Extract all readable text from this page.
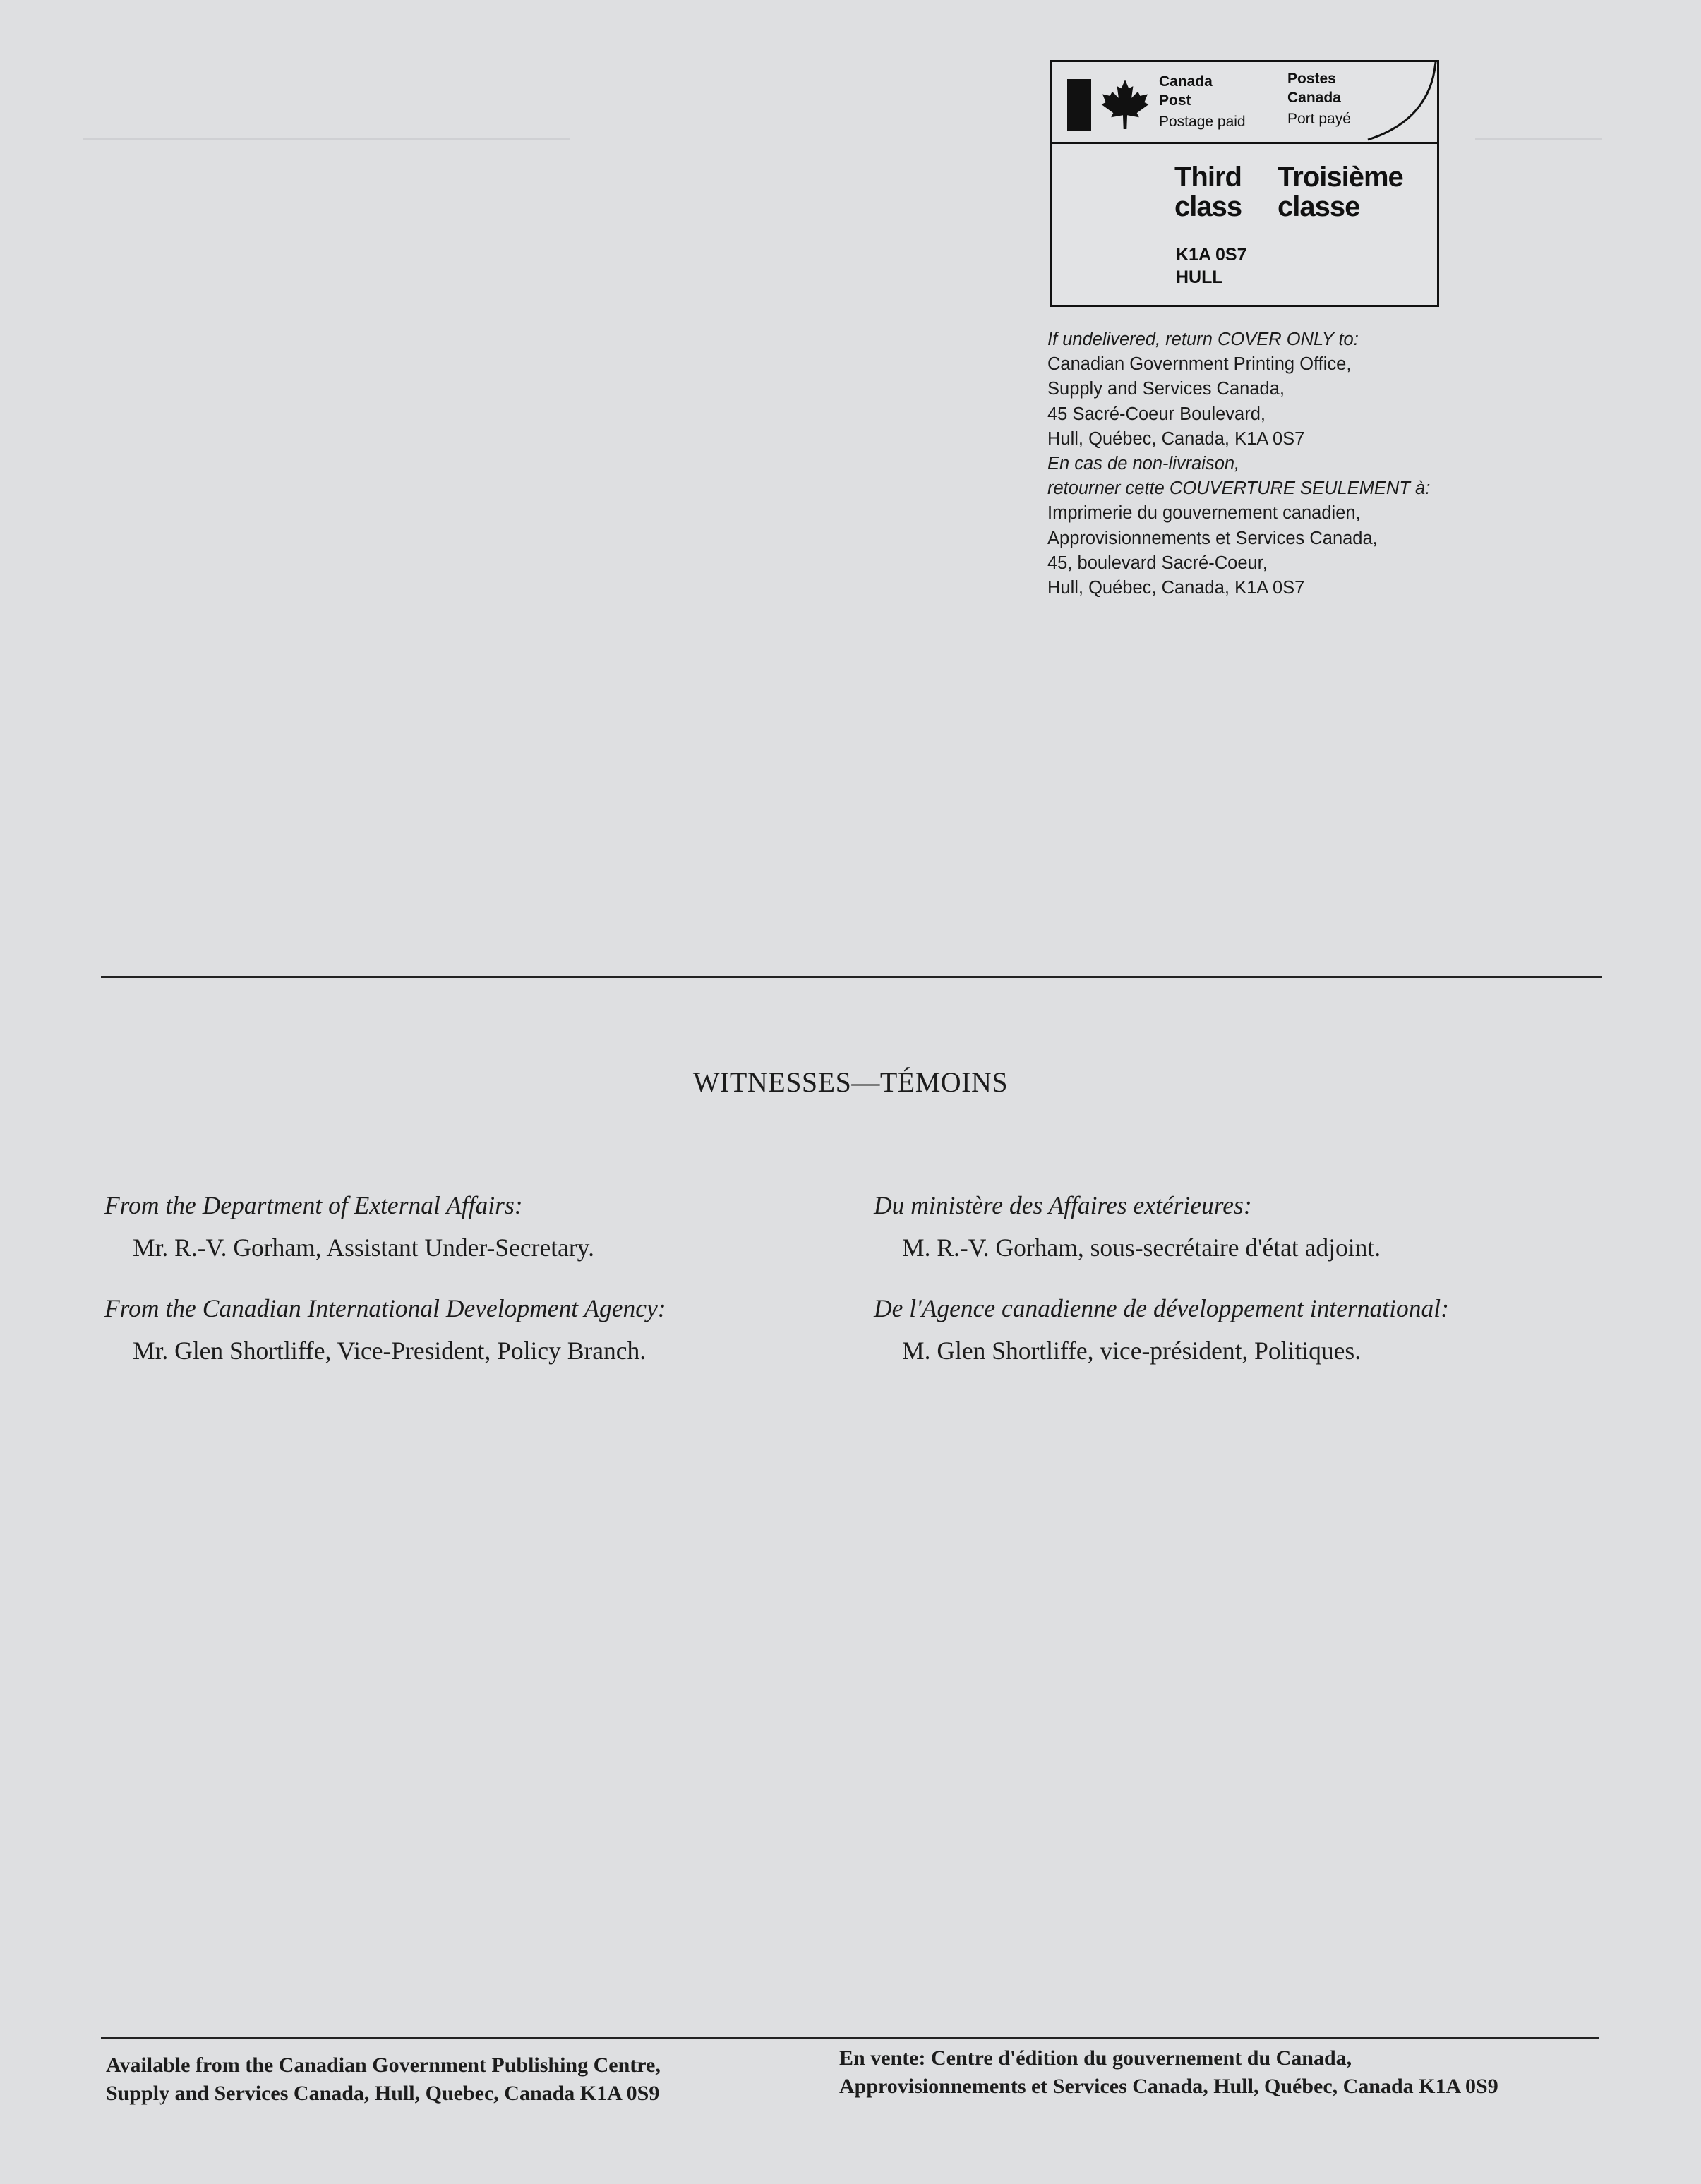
Canada
Post
Postage paid
Postes
Canada
Port payé
Third
class
Troisième
classe
K1A 0S7
HULL
If undelivered, return COVER ONLY to:
Canadian Government Printing Office,
Supply and Services Canada,
45 Sacré-Coeur Boulevard,
Hull, Québec, Canada, K1A 0S7
En cas de non-livraison,
retourner cette COUVERTURE SEULEMENT à:
Imprimerie du gouvernement canadien,
Approvisionnements et Services Canada,
45, boulevard Sacré-Coeur,
Hull, Québec, Canada, K1A 0S7
WITNESSES—TÉMOINS
From the Department of External Affairs:
Mr. R.-V. Gorham, Assistant Under-Secretary.
From the Canadian International Development Agency:
Mr. Glen Shortliffe, Vice-President, Policy Branch.
Du ministère des Affaires extérieures:
M. R.-V. Gorham, sous-secrétaire d'état adjoint.
De l'Agence canadienne de développement international:
M. Glen Shortliffe, vice-président, Politiques.
Available from the Canadian Government Publishing Centre,
Supply and Services Canada, Hull, Quebec, Canada K1A 0S9
En vente: Centre d'édition du gouvernement du Canada,
Approvisionnements et Services Canada, Hull, Québec, Canada K1A 0S9
